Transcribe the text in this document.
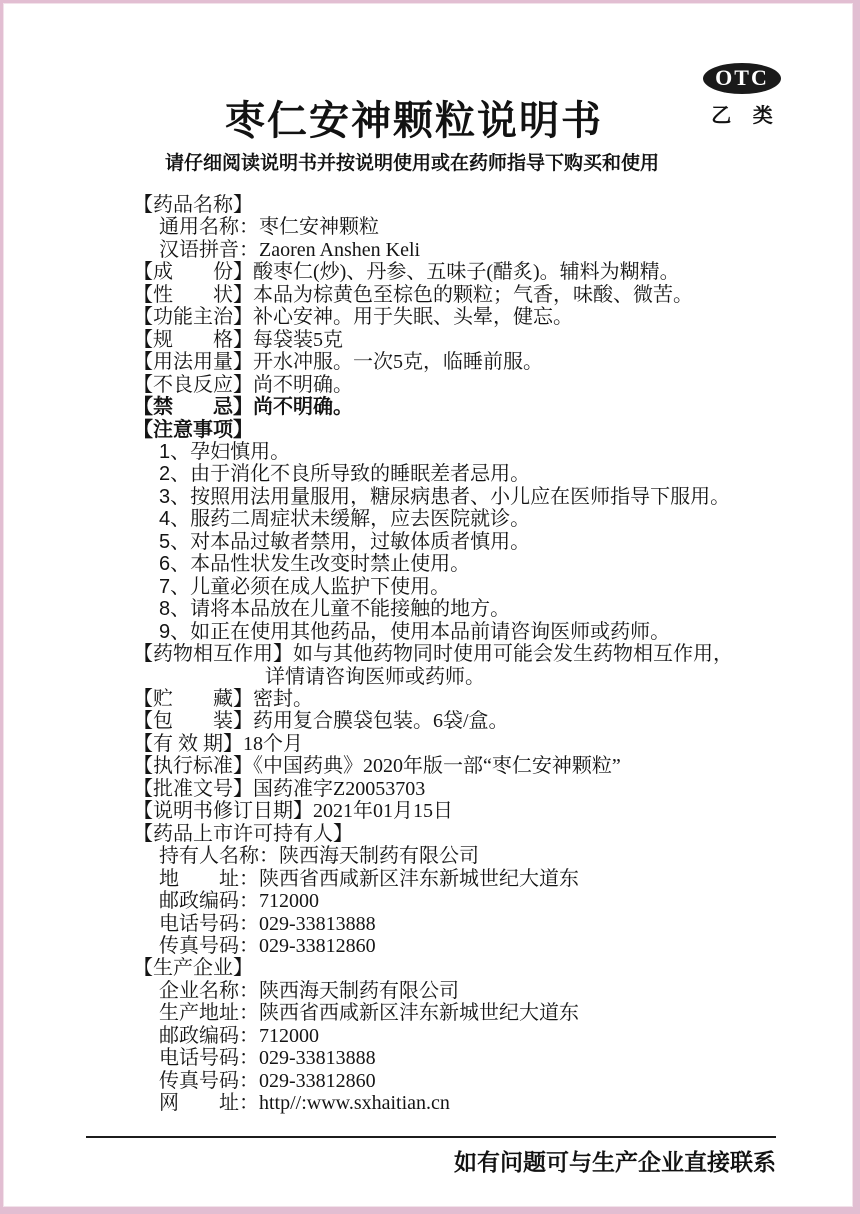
OTC
乙 类
枣仁安神颗粒说明书
请仔细阅读说明书并按说明使用或在药师指导下购买和使用
【药品名称】
通用名称：枣仁安神颗粒
汉语拼音：Zaoren Anshen Keli
【成　　份】酸枣仁(炒)、丹参、五味子(醋炙)。辅料为糊精。
【性　　状】本品为棕黄色至棕色的颗粒；气香，味酸、微苦。
【功能主治】补心安神。用于失眠、头晕，健忘。
【规　　格】每袋装5克
【用法用量】开水冲服。一次5克，临睡前服。
【不良反应】尚不明确。
【禁　　忌】尚不明确。
【注意事项】
1、孕妇慎用。
2、由于消化不良所导致的睡眠差者忌用。
3、按照用法用量服用，糖尿病患者、小儿应在医师指导下服用。
4、服药二周症状未缓解，应去医院就诊。
5、对本品过敏者禁用，过敏体质者慎用。
6、本品性状发生改变时禁止使用。
7、儿童必须在成人监护下使用。
8、请将本品放在儿童不能接触的地方。
9、如正在使用其他药品，使用本品前请咨询医师或药师。
【药物相互作用】如与其他药物同时使用可能会发生药物相互作用，
详情请咨询医师或药师。
【贮　　藏】密封。
【包　　装】药用复合膜袋包装。6袋/盒。
【有 效 期】18个月
【执行标准】《中国药典》2020年版一部“枣仁安神颗粒”
【批准文号】国药准字Z20053703
【说明书修订日期】2021年01月15日
【药品上市许可持有人】
持有人名称：陕西海天制药有限公司
地　　址：陕西省西咸新区沣东新城世纪大道东
邮政编码：712000
电话号码：029-33813888
传真号码：029-33812860
【生产企业】
企业名称：陕西海天制药有限公司
生产地址：陕西省西咸新区沣东新城世纪大道东
邮政编码：712000
电话号码：029-33813888
传真号码：029-33812860
网　　址：http//:www.sxhaitian.cn
如有问题可与生产企业直接联系
